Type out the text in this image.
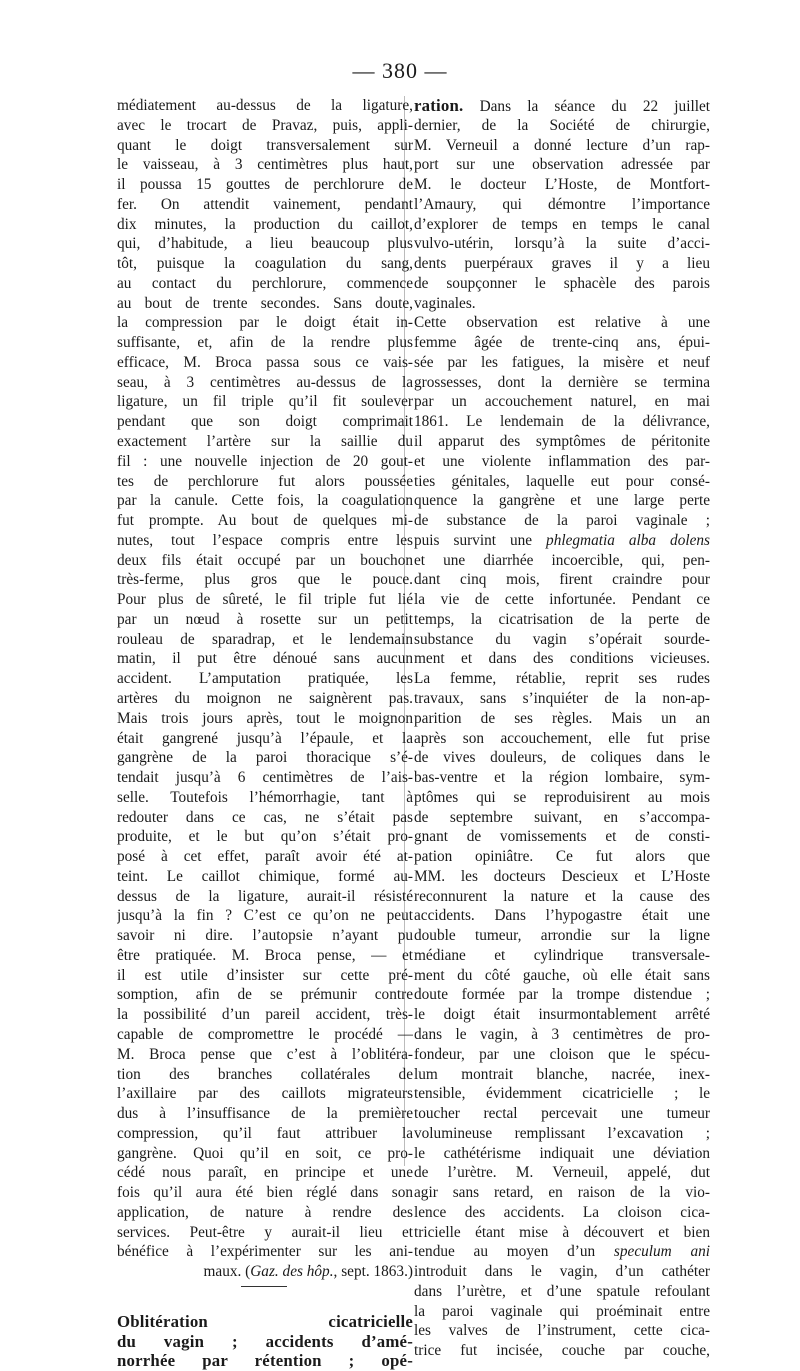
— 380 —
médiatement au-dessus de la ligature,
avec le trocart de Pravaz, puis, appli-
quant le doigt transversalement sur
le vaisseau, à 3 centimètres plus haut,
il poussa 15 gouttes de perchlorure de
fer. On attendit vainement, pendant
dix minutes, la production du caillot,
qui, d’habitude, a lieu beaucoup plus
tôt, puisque la coagulation du sang,
au contact du perchlorure, commence
au bout de trente secondes. Sans doute,
la compression par le doigt était in-
suffisante, et, afin de la rendre plus
efficace, M. Broca passa sous ce vais-
seau, à 3 centimètres au-dessus de la
ligature, un fil triple qu’il fit soulever
pendant que son doigt comprimait
exactement l’artère sur la saillie du
fil : une nouvelle injection de 20 gout-
tes de perchlorure fut alors poussée
par la canule. Cette fois, la coagulation
fut prompte. Au bout de quelques mi-
nutes, tout l’espace compris entre les
deux fils était occupé par un bouchon
très-ferme, plus gros que le pouce.
Pour plus de sûreté, le fil triple fut lié
par un nœud à rosette sur un petit
rouleau de sparadrap, et le lendemain
matin, il put être dénoué sans aucun
accident. L’amputation pratiquée, les
artères du moignon ne saignèrent pas.
Mais trois jours après, tout le moignon
était gangrené jusqu’à l’épaule, et la
gangrène de la paroi thoracique s’é-
tendait jusqu’à 6 centimètres de l’ais-
selle. Toutefois l’hémorrhagie, tant à
redouter dans ce cas, ne s’était pas
produite, et le but qu’on s’était pro-
posé à cet effet, paraît avoir été at-
teint. Le caillot chimique, formé au-
dessus de la ligature, aurait-il résisté
jusqu’à la fin ? C’est ce qu’on ne peut
savoir ni dire. l’autopsie n’ayant pu
être pratiquée. M. Broca pense, — et
il est utile d’insister sur cette pré-
somption, afin de se prémunir contre
la possibilité d’un pareil accident, très-
capable de compromettre le procédé —
M. Broca pense que c’est à l’oblitéra-
tion des branches collatérales de
l’axillaire par des caillots migrateurs
dus à l’insuffisance de la première
compression, qu’il faut attribuer la
gangrène. Quoi qu’il en soit, ce pro-
cédé nous paraît, en principe et une
fois qu’il aura été bien réglé dans son
application, de nature à rendre des
services. Peut-être y aurait-il lieu et
bénéfice à l’expérimenter sur les ani-
maux. (Gaz. des hôp., sept. 1863.)
Oblitération cicatricielle
du vagin ; accidents d’amé-
norrhée par rétention ; opé-
ration. Dans la séance du 22 juillet
dernier, de la Société de chirurgie,
M. Verneuil a donné lecture d’un rap-
port sur une observation adressée par
M. le docteur L’Hoste, de Montfort-
l’Amaury, qui démontre l’importance
d’explorer de temps en temps le canal
vulvo-utérin, lorsqu’à la suite d’acci-
dents puerpéraux graves il y a lieu
de soupçonner le sphacèle des parois
vaginales.
Cette observation est relative à une
femme âgée de trente-cinq ans, épui-
sée par les fatigues, la misère et neuf
grossesses, dont la dernière se termina
par un accouchement naturel, en mai
1861. Le lendemain de la délivrance,
il apparut des symptômes de péritonite
et une violente inflammation des par-
ties génitales, laquelle eut pour consé-
quence la gangrène et une large perte
de substance de la paroi vaginale ;
puis survint une phlegmatia alba dolens
et une diarrhée incoercible, qui, pen-
dant cinq mois, firent craindre pour
la vie de cette infortunée. Pendant ce
temps, la cicatrisation de la perte de
substance du vagin s’opérait sourde-
ment et dans des conditions vicieuses.
La femme, rétablie, reprit ses rudes
travaux, sans s’inquiéter de la non-ap-
parition de ses règles. Mais un an
après son accouchement, elle fut prise
de vives douleurs, de coliques dans le
bas-ventre et la région lombaire, sym-
ptômes qui se reproduisirent au mois
de septembre suivant, en s’accompa-
gnant de vomissements et de consti-
pation opiniâtre. Ce fut alors que
MM. les docteurs Descieux et L’Hoste
reconnurent la nature et la cause des
accidents. Dans l’hypogastre était une
double tumeur, arrondie sur la ligne
médiane et cylindrique transversale-
ment du côté gauche, où elle était sans
doute formée par la trompe distendue ;
le doigt était insurmontablement arrêté
dans le vagin, à 3 centimètres de pro-
fondeur, par une cloison que le spécu-
lum montrait blanche, nacrée, inex-
tensible, évidemment cicatricielle ; le
toucher rectal percevait une tumeur
volumineuse remplissant l’excavation ;
le cathétérisme indiquait une déviation
de l’urètre. M. Verneuil, appelé, dut
agir sans retard, en raison de la vio-
lence des accidents. La cloison cica-
tricielle étant mise à découvert et bien
tendue au moyen d’un speculum ani
introduit dans le vagin, d’un cathéter
dans l’urètre, et d’une spatule refoulant
la paroi vaginale qui proéminait entre
les valves de l’instrument, cette cica-
trice fut incisée, couche par couche,
